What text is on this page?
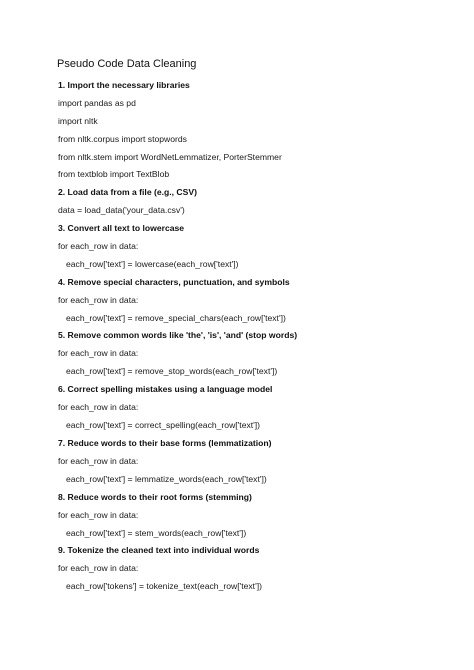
Pseudo Code Data Cleaning
1. Import the necessary libraries
import pandas as pd
import nltk
from nltk.corpus import stopwords
from nltk.stem import WordNetLemmatizer, PorterStemmer
from textblob import TextBlob
2. Load data from a file (e.g., CSV)
data = load_data('your_data.csv')
3. Convert all text to lowercase
for each_row in data:
each_row['text'] = lowercase(each_row['text'])
4. Remove special characters, punctuation, and symbols
for each_row in data:
each_row['text'] = remove_special_chars(each_row['text'])
5. Remove common words like 'the', 'is', 'and' (stop words)
for each_row in data:
each_row['text'] = remove_stop_words(each_row['text'])
6. Correct spelling mistakes using a language model
for each_row in data:
each_row['text'] = correct_spelling(each_row['text'])
7. Reduce words to their base forms (lemmatization)
for each_row in data:
each_row['text'] = lemmatize_words(each_row['text'])
8. Reduce words to their root forms (stemming)
for each_row in data:
each_row['text'] = stem_words(each_row['text'])
9. Tokenize the cleaned text into individual words
for each_row in data:
each_row['tokens'] = tokenize_text(each_row['text'])
